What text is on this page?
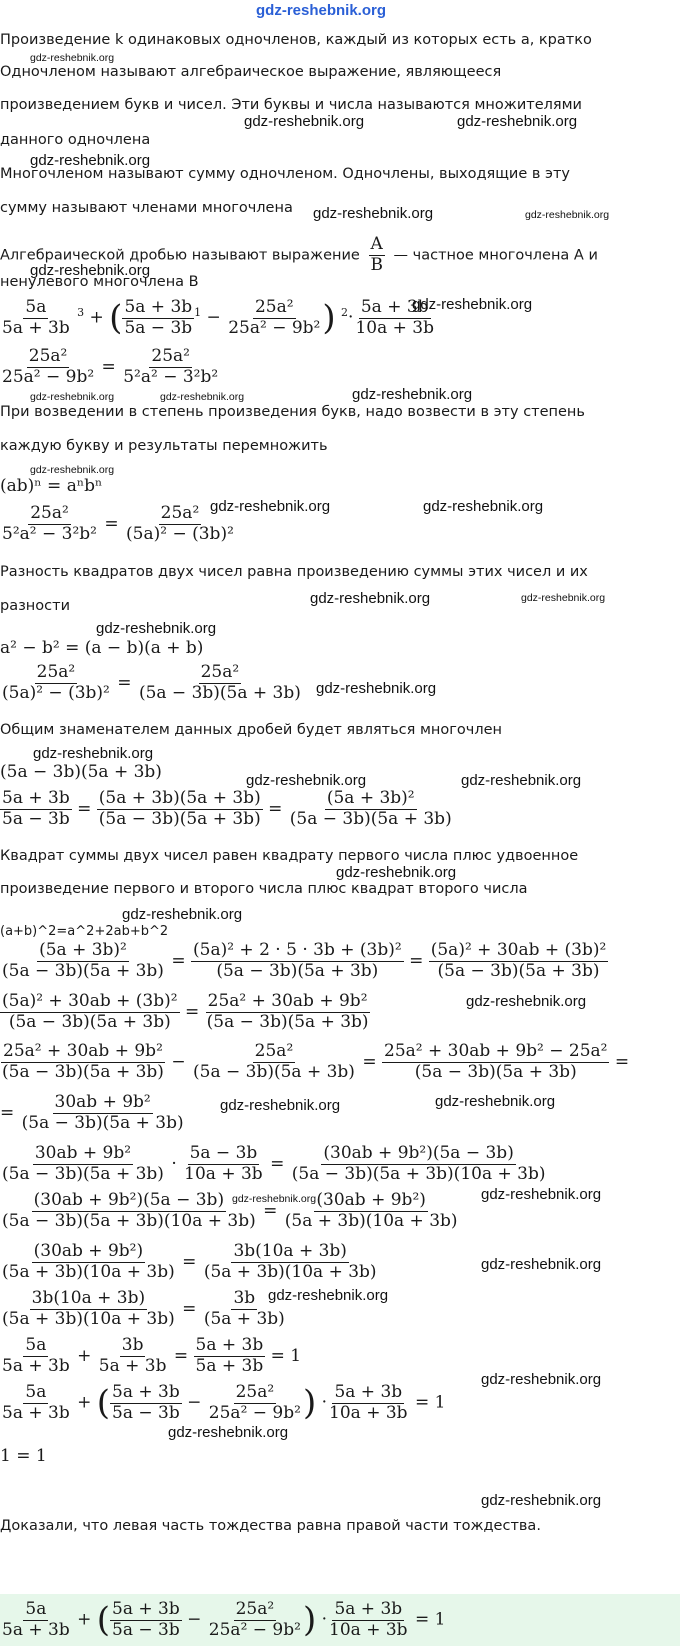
gdz-reshebnik.org
Произведение k одинаковых одночленов, каждый из которых есть а, кратко
gdz-reshebnik.org
Одночленом называют алгебраическое выражение, являющееся
произведением букв и чисел. Эти буквы и числа называются множителями
gdz-reshebnik.org	gdz-reshebnik.org
данного одночлена
gdz-reshebnik.org
Многочленом называют сумму одночленом. Одночлены, выходящие в эту
сумму называют членами многочлена gdz-reshebnik.org	gdz-reshebnik.org
Алгебраической дробью называют выражение $\frac{A}{B}$ — частное многочлена A и
gdz-reshebnik.org
ненулевого многочлена B
$\frac{5a}{5a + 3b} ^3$ + ( $\frac{5a + 3b}{5a - 3b} ^1 - \frac{\text{25a²}}{\text{25a² − 9b²}}$ ) $^2\cdot \frac{5a + 3b}{10a + 3b}$
gdz-reshebnik.org
$\frac{\text{25a²}}{\text{25a² − 9b²}} = \frac{\text{25a²}}{\text{5²a² − 3²b²}}$
gdz-reshebnik.org	gdz-reshebnik.org	gdz-reshebnik.org
При возведении в степень произведения букв, надо возвести в эту степень
каждую букву и результаты перемножить
gdz-reshebnik.org
(ab)ⁿ = aⁿbⁿ
$\frac{\text{25a²}}{\text{5²a² − 3²b²}} = \frac{\text{25a²}}{\text{(5a)² − (3b)²}}$
gdz-reshebnik.org	gdz-reshebnik.org
Разность квадратов двух чисел равна произведению суммы этих чисел и их
разности	gdz-reshebnik.org	gdz-reshebnik.org
gdz-reshebnik.org
a² − b² = (a − b)(a + b)
$\frac{\text{25a²}}{\text{(5a)² − (3b)²}} = \frac{\text{25a²}}{(5a - 3b)(5a + 3b)}$ gdz-reshebnik.org
Общим знаменателем данных дробей будет являться многочлен
gdz-reshebnik.org
(5a − 3b)(5a + 3b)	gdz-reshebnik.org	gdz-reshebnik.org
$\frac{5a + 3b}{5a - 3b} = \frac{(5a + 3b)(5a + 3b)}{(5a - 3b)(5a + 3b)} = \frac{\text{(5a + 3b)²}}{(5a - 3b)(5a + 3b)}$
Квадрат суммы двух чисел равен квадрату первого числа плюс удвоенное
gdz-reshebnik.org
произведение первого и второго числа плюс квадрат второго числа
gdz-reshebnik.org
(a+b)^2=a^2+2ab+b^2
$\frac{\text{(5a + 3b)²}}{(5a - 3b)(5a + 3b)} = \frac{\text{(5a)² + 2 · 5 · 3b + (3b)²}}{(5a - 3b)(5a + 3b)} = \frac{\text{(5a)² + 30ab + (3b)²}}{(5a - 3b)(5a + 3b)}$
$\frac{\text{(5a)² + 30ab + (3b)²}}{(5a - 3b)(5a + 3b)} = \frac{\text{25a² + 30ab + 9b²}}{(5a - 3b)(5a + 3b)}$	gdz-reshebnik.org
$\frac{\text{25a² + 30ab + 9b²}}{(5a - 3b)(5a + 3b)} - \frac{\text{25a²}}{(5a - 3b)(5a + 3b)} = \frac{\text{25a² + 30ab + 9b² − 25a²}}{(5a - 3b)(5a + 3b)}$ =
gdz-reshebnik.org	gdz-reshebnik.org
= $\frac{\text{30ab + 9b²}}{(5a - 3b)(5a + 3b)}$
$\frac{\text{30ab + 9b²}}{(5a - 3b)(5a + 3b)} \cdot \frac{5a - 3b}{10a + 3b} = \frac{\text{(30ab + 9b²)(5a − 3b)}}{(5a - 3b)(5a + 3b)(10a + 3b)}$
gdz-reshebnik.org
$\frac{\text{(30ab + 9b²)(5a − 3b)}}{(5a - 3b)(5a + 3b)(10a + 3b)} = \frac{\text{(30ab + 9b²)}}{(5a + 3b)(10a + 3b)}$
gdz-reshebnik.org
$\frac{\text{(30ab + 9b²)}}{(5a + 3b)(10a + 3b)} = \frac{3b(10a + 3b)}{(5a + 3b)(10a + 3b)}$	gdz-reshebnik.org
$\frac{3b(10a + 3b)}{(5a + 3b)(10a + 3b)} = \frac{3b}{(5a + 3b)}$
gdz-reshebnik.org
$\frac{5a}{5a + 3b} + \frac{3b}{5a + 3b} = \frac{5a + 3b}{5a + 3b} = 1$
gdz-reshebnik.org
$\frac{5a}{5a + 3b}$ + ( $\frac{5a + 3b}{5a - 3b} - \frac{\text{25a²}}{\text{25a² − 9b²}}$ ) · $\frac{5a + 3b}{10a + 3b} = 1$
gdz-reshebnik.org
1 = 1
gdz-reshebnik.org
Доказали, что левая часть тождества равна правой части тождества.
$\frac{5a}{5a + 3b}$ + ( $\frac{5a + 3b}{5a - 3b} - \frac{\text{25a²}}{\text{25a² − 9b²}}$ ) · $\frac{5a + 3b}{10a + 3b} = 1$
